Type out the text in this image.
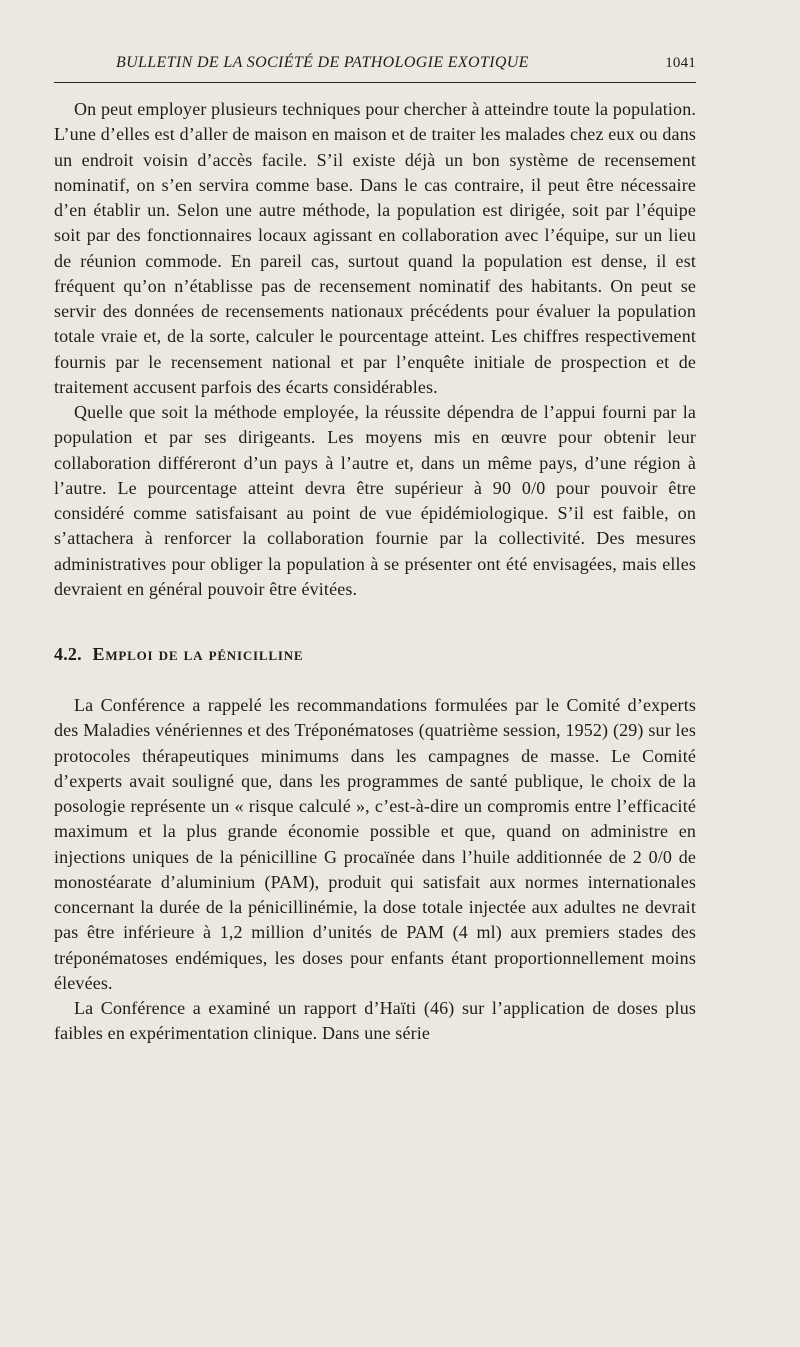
BULLETIN DE LA SOCIÉTÉ DE PATHOLOGIE EXOTIQUE	1041

On peut employer plusieurs techniques pour chercher à atteindre toute la population. L’une d’elles est d’aller de maison en maison et de traiter les malades chez eux ou dans un endroit voisin d’accès facile. S’il existe déjà un bon système de recensement nominatif, on s’en servira comme base. Dans le cas contraire, il peut être nécessaire d’en établir un. Selon une autre méthode, la population est dirigée, soit par l’équipe soit par des fonctionnaires locaux agissant en collaboration avec l’équipe, sur un lieu de réunion commode. En pareil cas, surtout quand la population est dense, il est fréquent qu’on n’établisse pas de recensement nominatif des habitants. On peut se servir des données de recensements nationaux précédents pour évaluer la population totale vraie et, de la sorte, calculer le pourcentage atteint. Les chiffres respectivement fournis par le recensement national et par l’enquête initiale de prospection et de traitement accusent parfois des écarts considérables.

Quelle que soit la méthode employée, la réussite dépendra de l’appui fourni par la population et par ses dirigeants. Les moyens mis en œuvre pour obtenir leur collaboration différeront d’un pays à l’autre et, dans un même pays, d’une région à l’autre. Le pourcentage atteint devra être supérieur à 90 0/0 pour pouvoir être considéré comme satisfaisant au point de vue épidémiologique. S’il est faible, on s’attachera à renforcer la collaboration fournie par la collectivité. Des mesures administratives pour obliger la population à se présenter ont été envisagées, mais elles devraient en général pouvoir être évitées.

4.2. Emploi de la pénicilline

La Conférence a rappelé les recommandations formulées par le Comité d’experts des Maladies vénériennes et des Tréponématoses (quatrième session, 1952) (29) sur les protocoles thérapeutiques minimums dans les campagnes de masse. Le Comité d’experts avait souligné que, dans les programmes de santé publique, le choix de la posologie représente un « risque calculé », c’est-à-dire un compromis entre l’efficacité maximum et la plus grande économie possible et que, quand on administre en injections uniques de la pénicilline G procaïnée dans l’huile additionnée de 2 0/0 de monostéarate d’aluminium (PAM), produit qui satisfait aux normes internationales concernant la durée de la pénicillinémie, la dose totale injectée aux adultes ne devrait pas être inférieure à 1,2 million d’unités de PAM (4 ml) aux premiers stades des tréponématoses endémiques, les doses pour enfants étant proportionnellement moins élevées.

La Conférence a examiné un rapport d’Haïti (46) sur l’application de doses plus faibles en expérimentation clinique. Dans une série
